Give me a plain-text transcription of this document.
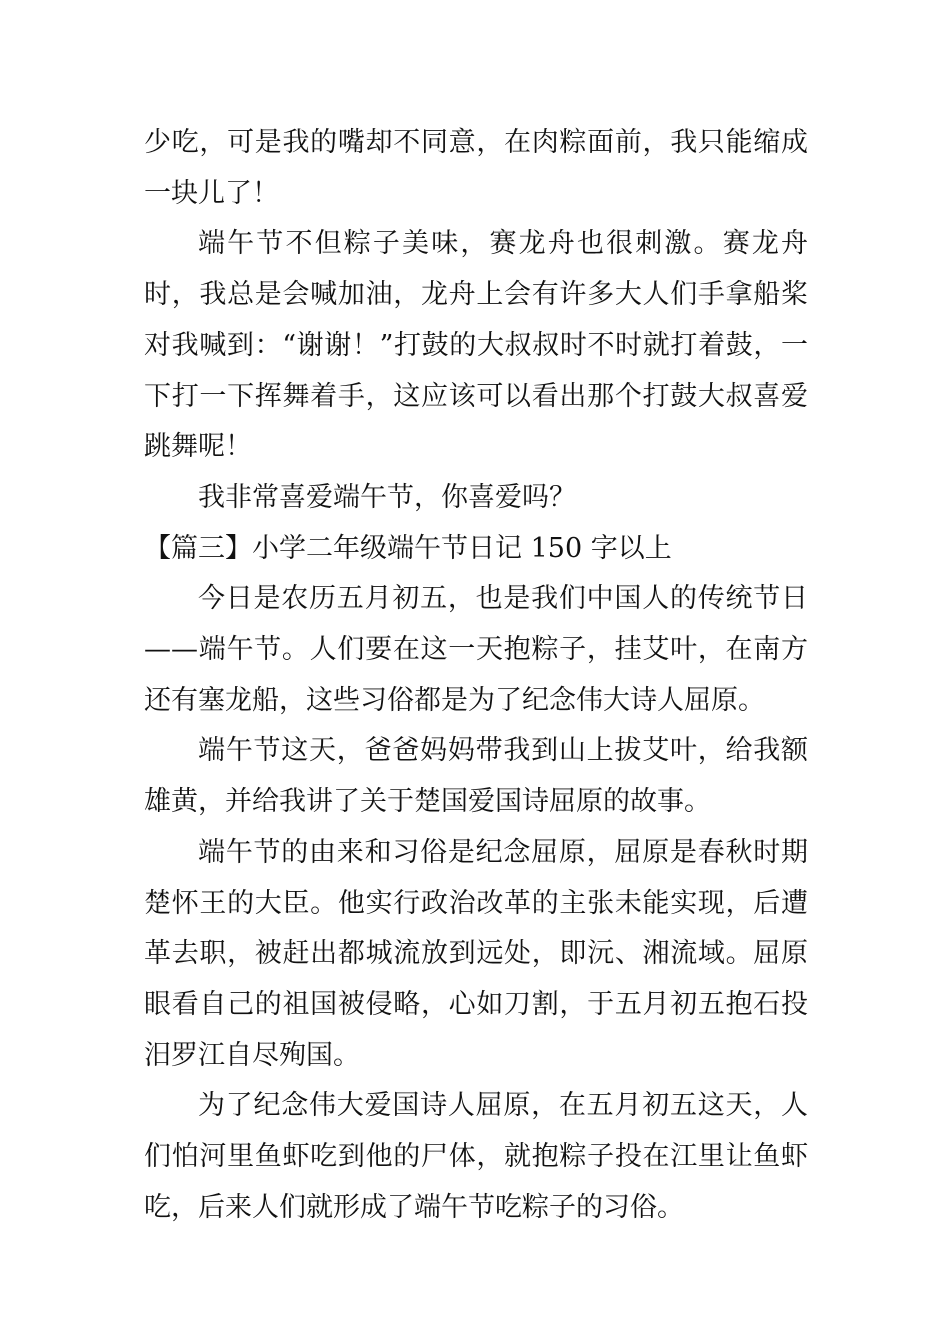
少吃，可是我的嘴却不同意，在肉粽面前，我只能缩成一块儿了！

端午节不但粽子美味，赛龙舟也很刺激。赛龙舟时，我总是会喊加油，龙舟上会有许多大人们手拿船桨对我喊到：“谢谢！”打鼓的大叔叔时不时就打着鼓，一下打一下挥舞着手，这应该可以看出那个打鼓大叔喜爱跳舞呢！

我非常喜爱端午节，你喜爱吗？

【篇三】小学二年级端午节日记 150 字以上

今日是农历五月初五，也是我们中国人的传统节日——端午节。人们要在这一天抱粽子，挂艾叶，在南方还有塞龙船，这些习俗都是为了纪念伟大诗人屈原。

端午节这天，爸爸妈妈带我到山上拔艾叶，给我额雄黄，并给我讲了关于楚国爱国诗屈原的故事。

端午节的由来和习俗是纪念屈原，屈原是春秋时期楚怀王的大臣。他实行政治改革的主张未能实现，后遭革去职，被赶出都城流放到远处，即沅、湘流域。屈原眼看自己的祖国被侵略，心如刀割，于五月初五抱石投汨罗江自尽殉国。

为了纪念伟大爱国诗人屈原，在五月初五这天，人们怕河里鱼虾吃到他的尸体，就抱粽子投在江里让鱼虾吃，后来人们就形成了端午节吃粽子的习俗。
